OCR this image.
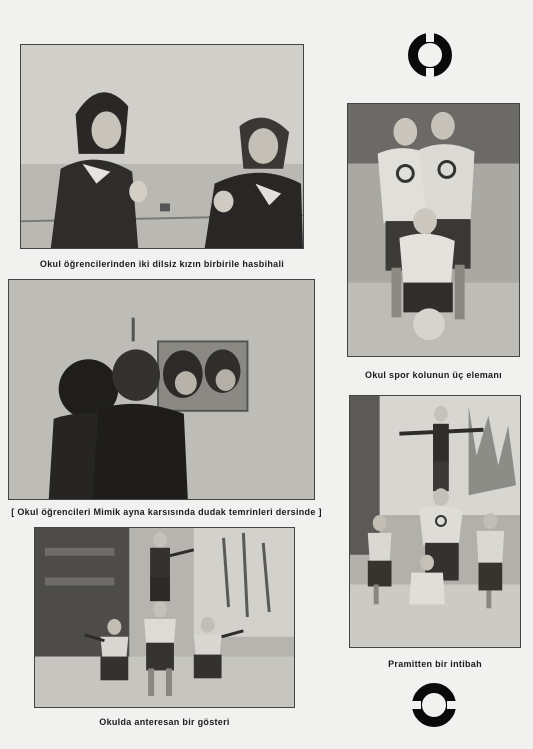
Okul öğrencilerinden iki dilsiz kızın birbirile hasbihali
Okul spor kolunun üç elemanı
[ Okul öğrencileri Mimik ayna karsısında dudak temrinleri dersinde ]
Pramitten bir intibah
Okulda anteresan bir gösteri
